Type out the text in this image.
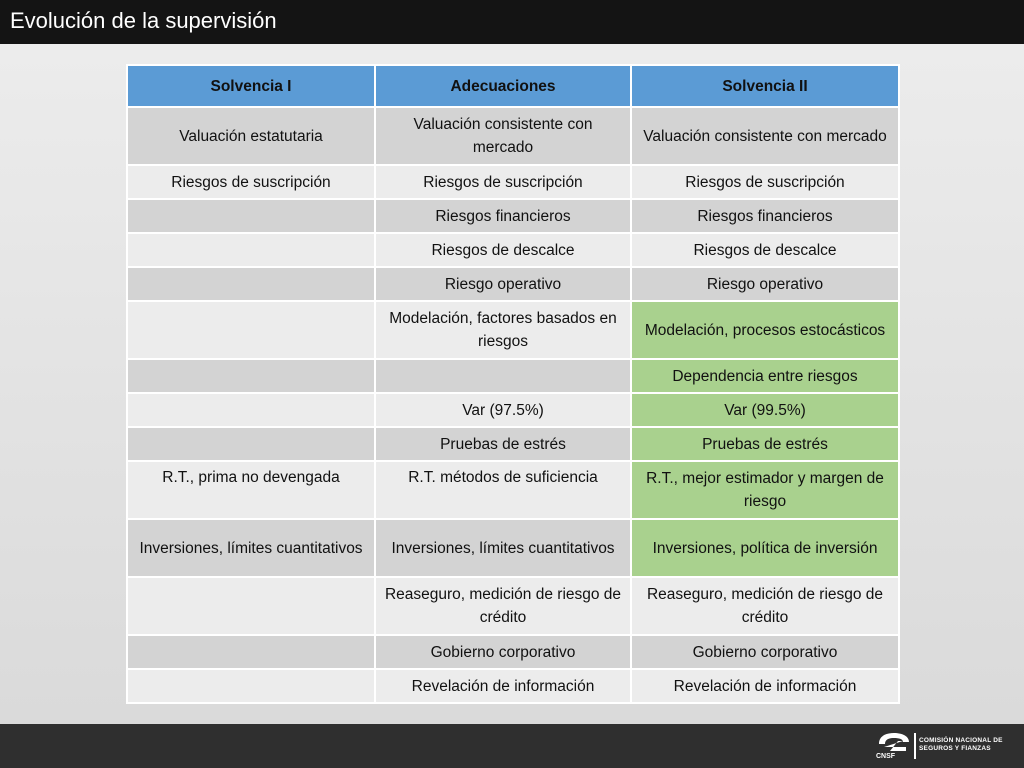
Evolución de la supervisión
Solvencia I	Adecuaciones	Solvencia II
Valuación estatutaria	Valuación consistente con mercado	Valuación consistente con mercado
Riesgos de suscripción	Riesgos de suscripción	Riesgos de suscripción
	Riesgos financieros	Riesgos financieros
	Riesgos de descalce	Riesgos de descalce
	Riesgo operativo	Riesgo operativo
	Modelación, factores basados en riesgos	Modelación, procesos estocásticos
		Dependencia entre riesgos
	Var (97.5%)	Var (99.5%)
	Pruebas de estrés	Pruebas de estrés
R.T., prima no devengada	R.T. métodos de suficiencia	R.T., mejor estimador y margen de riesgo
Inversiones, límites cuantitativos	Inversiones, límites cuantitativos	Inversiones, política de inversión
	Reaseguro, medición de riesgo de crédito	Reaseguro, medición de riesgo de crédito
	Gobierno corporativo	Gobierno corporativo
	Revelación de información	Revelación de información
CNSF
COMISIÓN NACIONAL DE
SEGUROS Y FIANZAS
